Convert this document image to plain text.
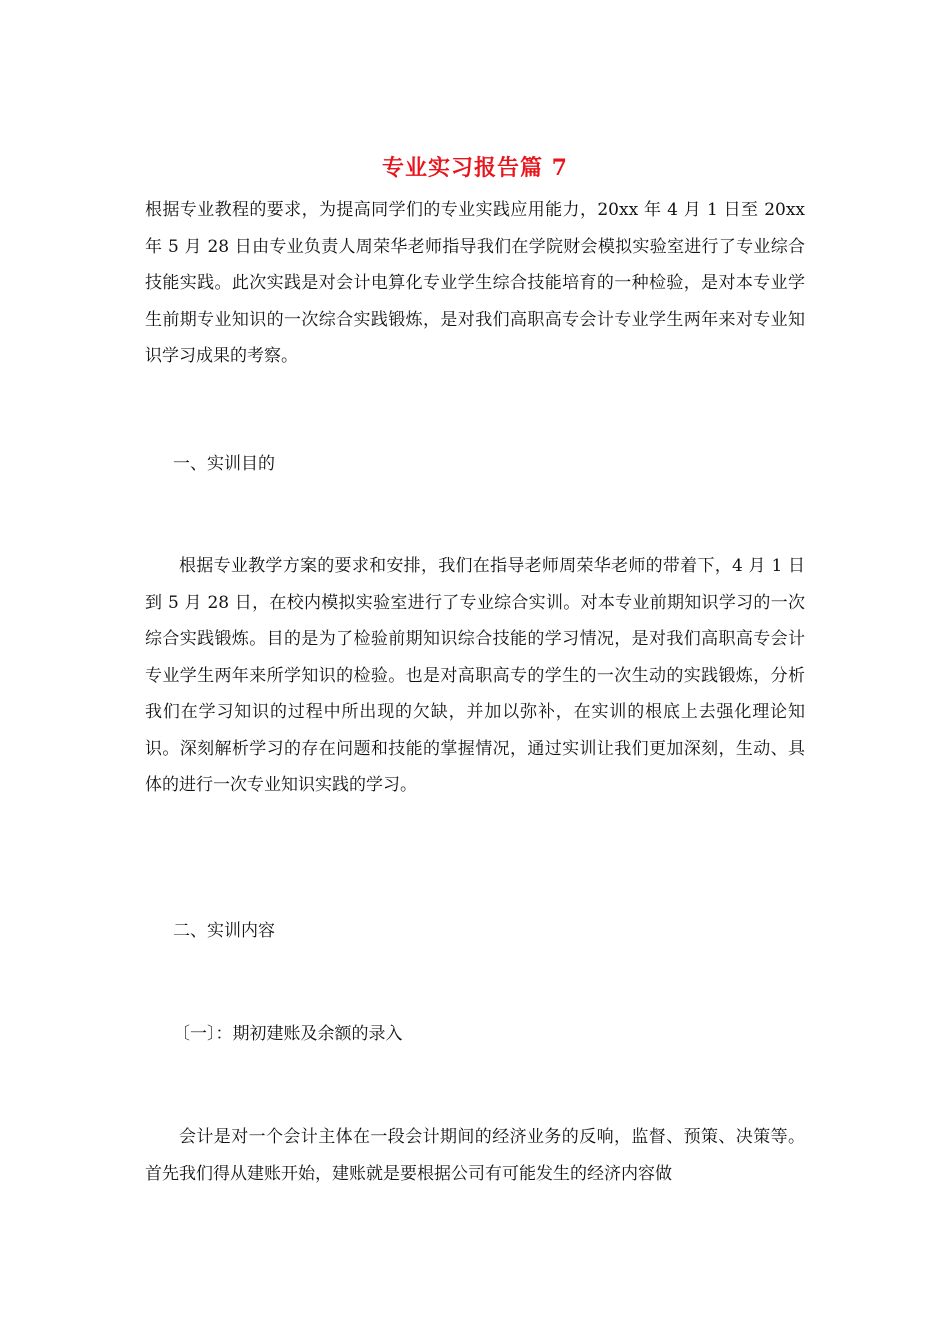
专业实习报告篇 7

根据专业教程的要求，为提高同学们的专业实践应用能力，20xx 年 4 月 1 日至 20xx 年 5 月 28 日由专业负责人周荣华老师指导我们在学院财会模拟实验室进行了专业综合技能实践。此次实践是对会计电算化专业学生综合技能培育的一种检验，是对本专业学生前期专业知识的一次综合实践锻炼，是对我们高职高专会计专业学生两年来对专业知识学习成果的考察。

一、实训目的

根据专业教学方案的要求和安排，我们在指导老师周荣华老师的带着下，4 月 1 日到 5 月 28 日，在校内模拟实验室进行了专业综合实训。对本专业前期知识学习的一次综合实践锻炼。目的是为了检验前期知识综合技能的学习情况，是对我们高职高专会计专业学生两年来所学知识的检验。也是对高职高专的学生的一次生动的实践锻炼，分析我们在学习知识的过程中所出现的欠缺，并加以弥补，在实训的根底上去强化理论知识。深刻解析学习的存在问题和技能的掌握情况，通过实训让我们更加深刻，生动、具体的进行一次专业知识实践的学习。

二、实训内容

〔一〕：期初建账及余额的录入

会计是对一个会计主体在一段会计期间的经济业务的反响，监督、预策、决策等。首先我们得从建账开始，建账就是要根据公司有可能发生的经济内容做
